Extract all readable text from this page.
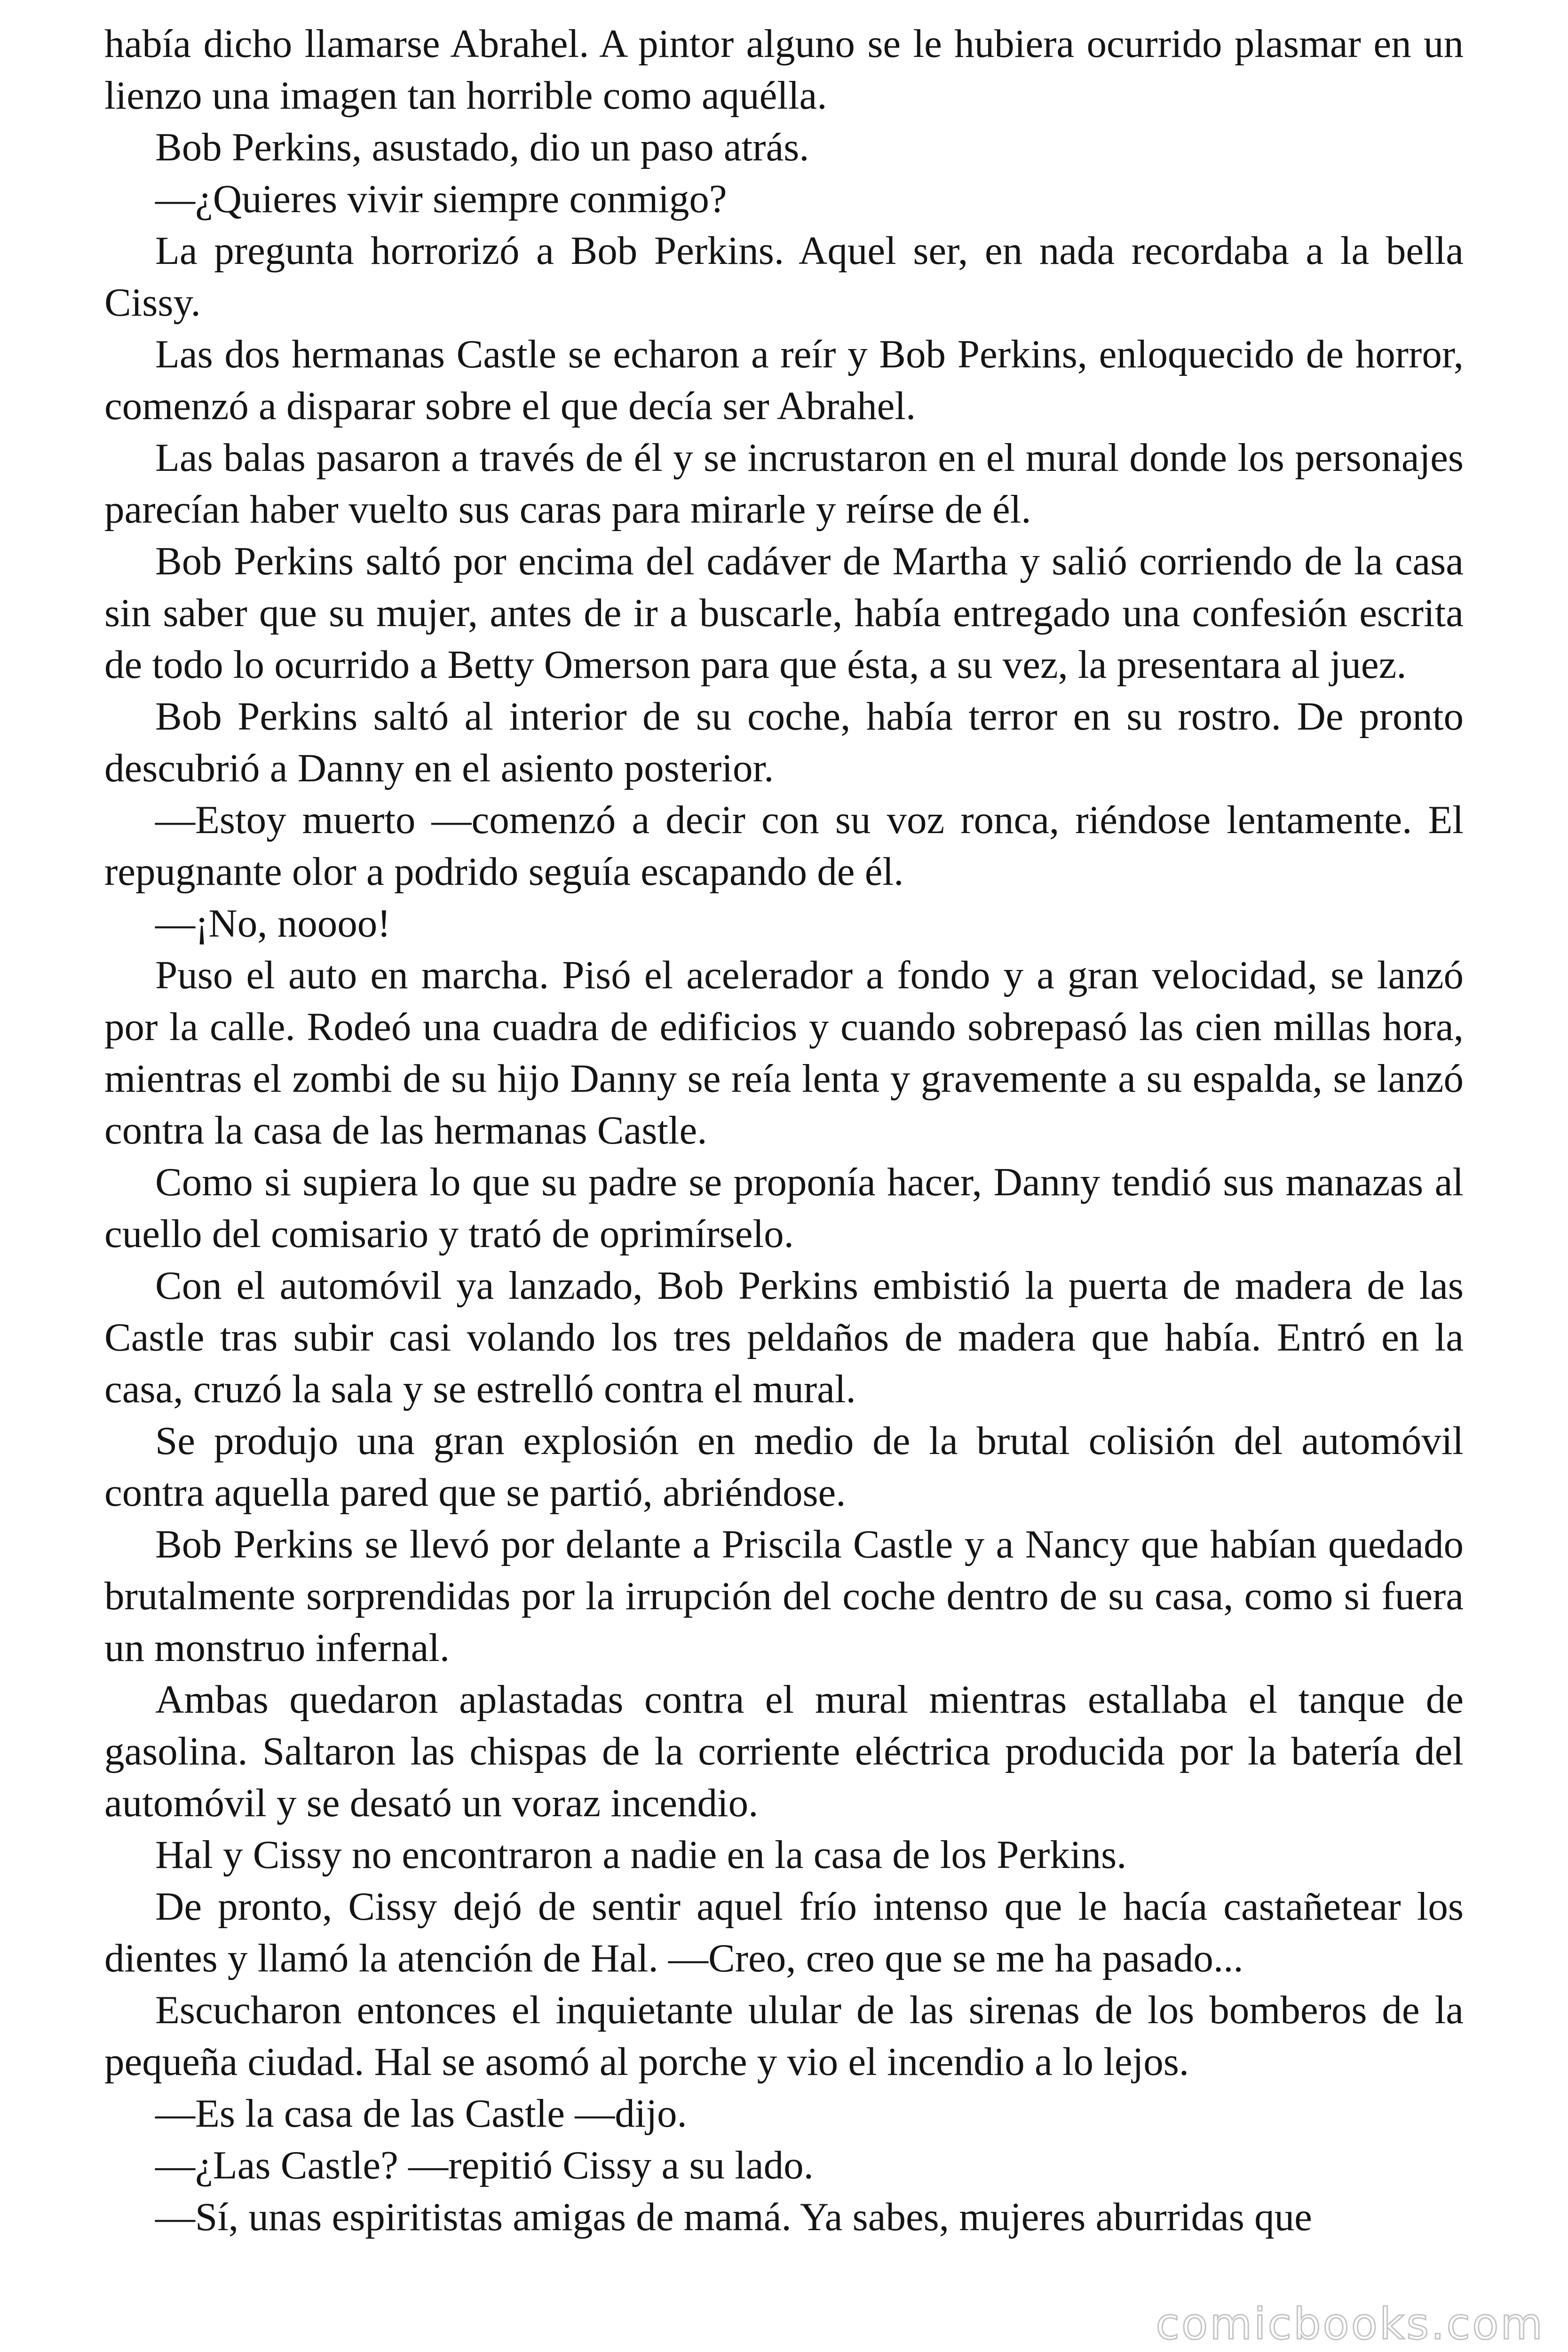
había dicho llamarse Abrahel. A pintor alguno se le hubiera ocurrido plasmar en un lienzo una imagen tan horrible como aquélla.

Bob Perkins, asustado, dio un paso atrás.

—¿Quieres vivir siempre conmigo?

La pregunta horrorizó a Bob Perkins. Aquel ser, en nada recordaba a la bella Cissy.

Las dos hermanas Castle se echaron a reír y Bob Perkins, enloquecido de horror, comenzó a disparar sobre el que decía ser Abrahel.

Las balas pasaron a través de él y se incrustaron en el mural donde los personajes parecían haber vuelto sus caras para mirarle y reírse de él.

Bob Perkins saltó por encima del cadáver de Martha y salió corriendo de la casa sin saber que su mujer, antes de ir a buscarle, había entregado una confesión escrita de todo lo ocurrido a Betty Omerson para que ésta, a su vez, la presentara al juez.

Bob Perkins saltó al interior de su coche, había terror en su rostro. De pronto descubrió a Danny en el asiento posterior.

—Estoy muerto —comenzó a decir con su voz ronca, riéndose lentamente. El repugnante olor a podrido seguía escapando de él.

—¡No, noooo!

Puso el auto en marcha. Pisó el acelerador a fondo y a gran velocidad, se lanzó por la calle. Rodeó una cuadra de edificios y cuando sobrepasó las cien millas hora, mientras el zombi de su hijo Danny se reía lenta y gravemente a su espalda, se lanzó contra la casa de las hermanas Castle.

Como si supiera lo que su padre se proponía hacer, Danny tendió sus manazas al cuello del comisario y trató de oprimírselo.

Con el automóvil ya lanzado, Bob Perkins embistió la puerta de madera de las Castle tras subir casi volando los tres peldaños de madera que había. Entró en la casa, cruzó la sala y se estrelló contra el mural.

Se produjo una gran explosión en medio de la brutal colisión del automóvil contra aquella pared que se partió, abriéndose.

Bob Perkins se llevó por delante a Priscila Castle y a Nancy que habían quedado brutalmente sorprendidas por la irrupción del coche dentro de su casa, como si fuera un monstruo infernal.

Ambas quedaron aplastadas contra el mural mientras estallaba el tanque de gasolina. Saltaron las chispas de la corriente eléctrica producida por la batería del automóvil y se desató un voraz incendio.

Hal y Cissy no encontraron a nadie en la casa de los Perkins.

De pronto, Cissy dejó de sentir aquel frío intenso que le hacía castañetear los dientes y llamó la atención de Hal. —Creo, creo que se me ha pasado...

Escucharon entonces el inquietante ulular de las sirenas de los bomberos de la pequeña ciudad. Hal se asomó al porche y vio el incendio a lo lejos.

—Es la casa de las Castle —dijo.

—¿Las Castle? —repitió Cissy a su lado.

—Sí, unas espiritistas amigas de mamá. Ya sabes, mujeres aburridas que

comicbooks.com
